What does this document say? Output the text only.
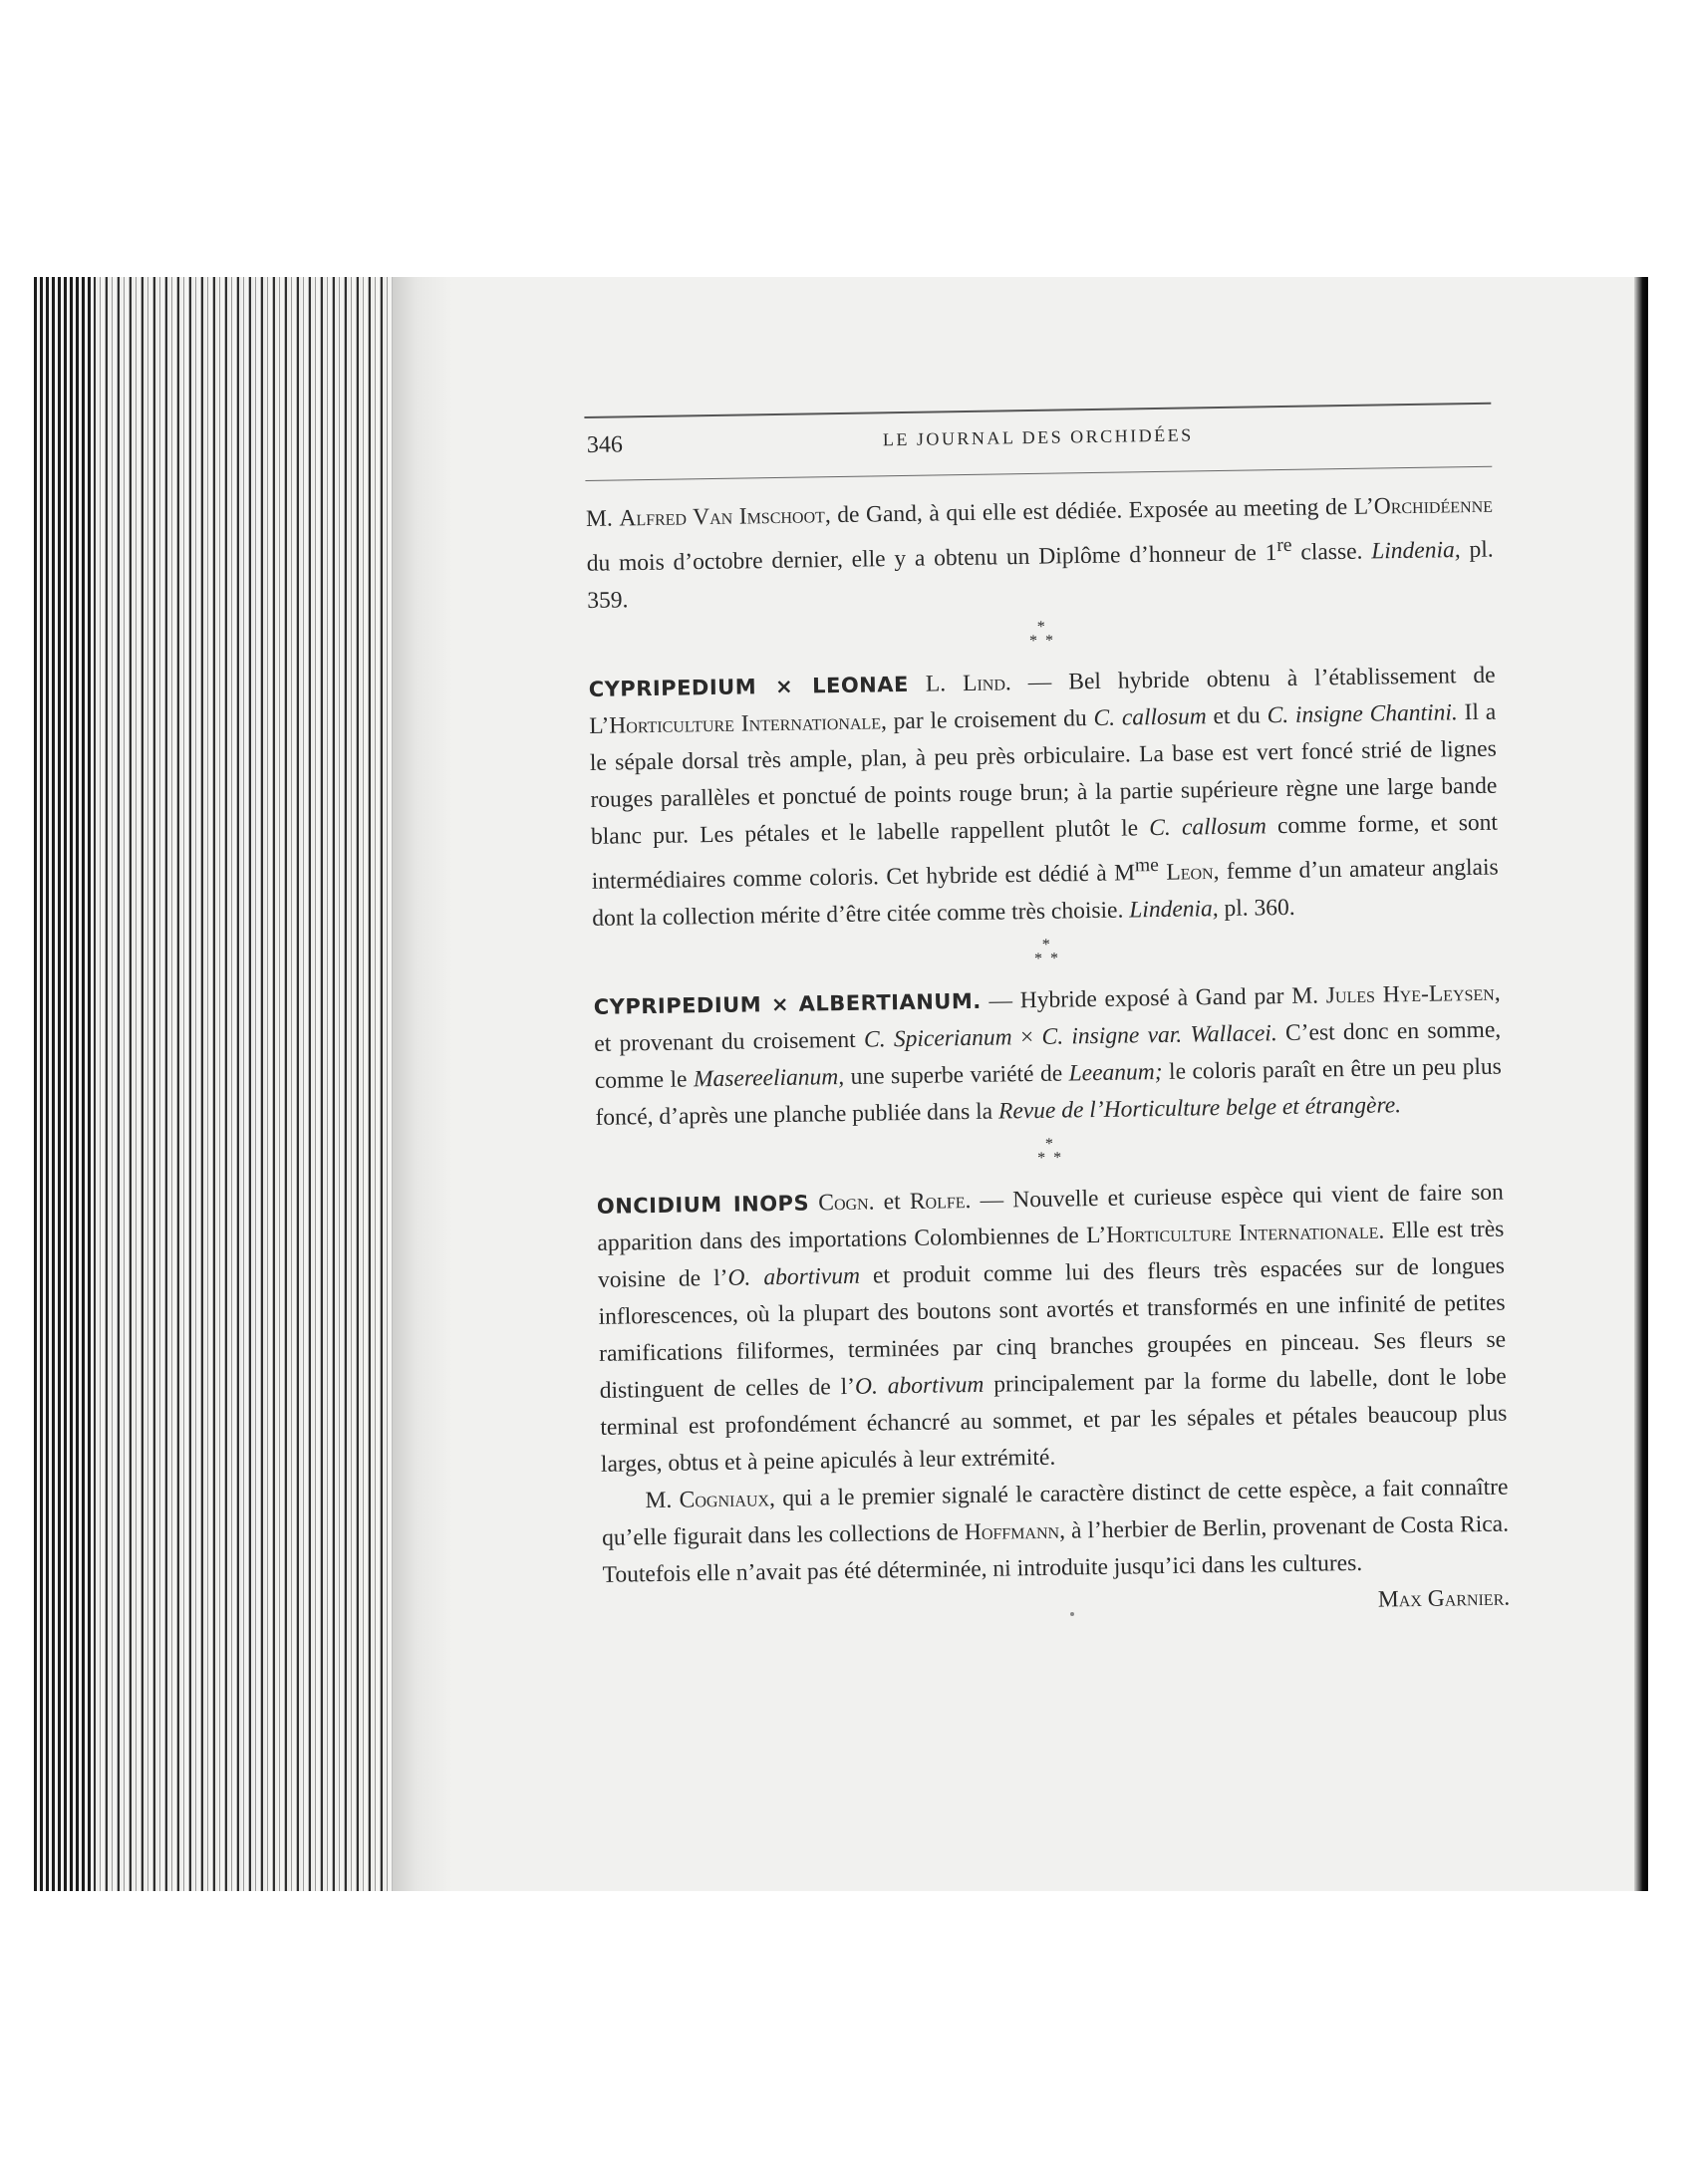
346	LE JOURNAL DES ORCHIDÉES

M. Alfred Van Imschoot, de Gand, à qui elle est dédiée. Exposée au meeting de L’Orchidéenne du mois d’octobre dernier, elle y a obtenu un Diplôme d’honneur de 1re classe. Lindenia, pl. 359.

*
* *

CYPRIPEDIUM × LEONAE L. Lind. — Bel hybride obtenu à l’établissement de L’Horticulture Internationale, par le croisement du C. callosum et du C. insigne Chantini. Il a le sépale dorsal très ample, plan, à peu près orbiculaire. La base est vert foncé strié de lignes rouges parallèles et ponctué de points rouge brun; à la partie supérieure règne une large bande blanc pur. Les pétales et le labelle rappellent plutôt le C. callosum comme forme, et sont intermédiaires comme coloris. Cet hybride est dédié à $M^{me}$ Leon, femme d’un amateur anglais dont la collection mérite d’être citée comme très choisie. Lindenia, pl. 360.

*
* *

CYPRIPEDIUM × ALBERTIANUM. — Hybride exposé à Gand par M. Jules Hye-Leysen, et provenant du croisement C. Spicerianum × C. insigne var. Wallacei. C’est donc en somme, comme le Masereelianum, une superbe variété de Leeanum; le coloris paraît en être un peu plus foncé, d’après une planche publiée dans la Revue de l’Horticulture belge et étrangère.

*
* *

ONCIDIUM INOPS Cogn. et Rolfe. — Nouvelle et curieuse espèce qui vient de faire son apparition dans des importations Colombiennes de L’Horticulture Internationale. Elle est très voisine de l’O. abortivum et produit comme lui des fleurs très espacées sur de longues inflorescences, où la plupart des boutons sont avortés et transformés en une infinité de petites ramifications filiformes, terminées par cinq branches groupées en pinceau. Ses fleurs se distinguent de celles de l’O. abortivum principalement par la forme du labelle, dont le lobe terminal est profondément échancré au sommet, et par les sépales et pétales beaucoup plus larges, obtus et à peine apiculés à leur extrémité.

M. Cogniaux, qui a le premier signalé le caractère distinct de cette espèce, a fait connaître qu’elle figurait dans les collections de Hoffmann, à l’herbier de Berlin, provenant de Costa Rica. Toutefois elle n’avait pas été déterminée, ni introduite jusqu’ici dans les cultures.

Max Garnier.
